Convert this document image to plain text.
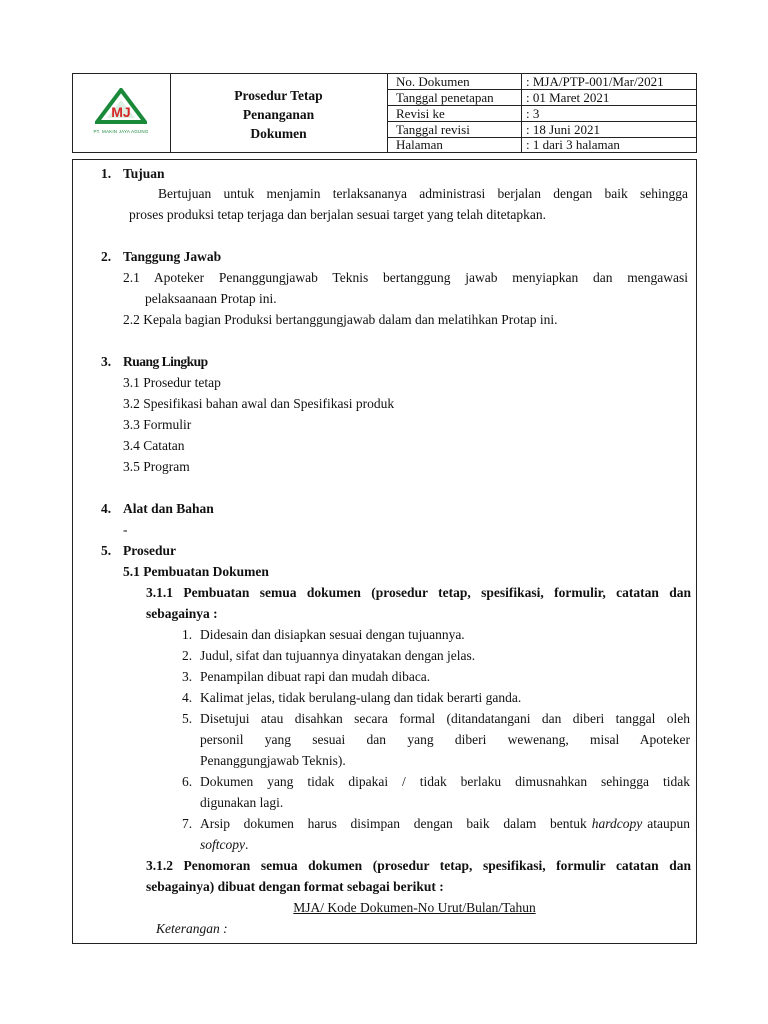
MJ
PT. MAKIN JAYA AGUNG
Prosedur Tetap
Penanganan
Dokumen
No. Dokumen	: MJA/PTP-001/Mar/2021
Tanggal penetapan : 01 Maret 2021
Revisi ke	: 3
Tanggal revisi	: 18 Juni 2021
Halaman	: 1 dari 3 halaman
1. Tujuan
Bertujuan untuk menjamin terlaksananya administrasi berjalan dengan baik sehingga
proses produksi tetap terjaga dan berjalan sesuai target yang telah ditetapkan.
2. Tanggung Jawab
2.1 Apoteker Penanggungjawab Teknis bertanggung jawab menyiapkan dan mengawasi
pelaksaanaan Protap ini.
2.2 Kepala bagian Produksi bertanggungjawab dalam dan melatihkan Protap ini.
3. Ruang Lingkup
3.1 Prosedur tetap
3.2 Spesifikasi bahan awal dan Spesifikasi produk
3.3 Formulir
3.4 Catatan
3.5 Program
4. Alat dan Bahan
-
5. Prosedur
5.1 Pembuatan Dokumen
3.1.1 Pembuatan semua dokumen (prosedur tetap, spesifikasi, formulir, catatan dan
sebagainya :
1. Didesain dan disiapkan sesuai dengan tujuannya.
2. Judul, sifat dan tujuannya dinyatakan dengan jelas.
3. Penampilan dibuat rapi dan mudah dibaca.
4. Kalimat jelas, tidak berulang-ulang dan tidak berarti ganda.
5. Disetujui atau disahkan secara formal (ditandatangani dan diberi tanggal oleh
personil yang sesuai dan yang diberi wewenang, misal Apoteker
Penanggungjawab Teknis).
6. Dokumen yang tidak dipakai / tidak berlaku dimusnahkan sehingga tidak
digunakan lagi.
7. Arsip dokumen harus disimpan dengan baik dalam bentuk hardcopy ataupun
softcopy.
3.1.2 Penomoran semua dokumen (prosedur tetap, spesifikasi, formulir catatan dan
sebagainya) dibuat dengan format sebagai berikut :
MJA/ Kode Dokumen-No Urut/Bulan/Tahun
Keterangan :
